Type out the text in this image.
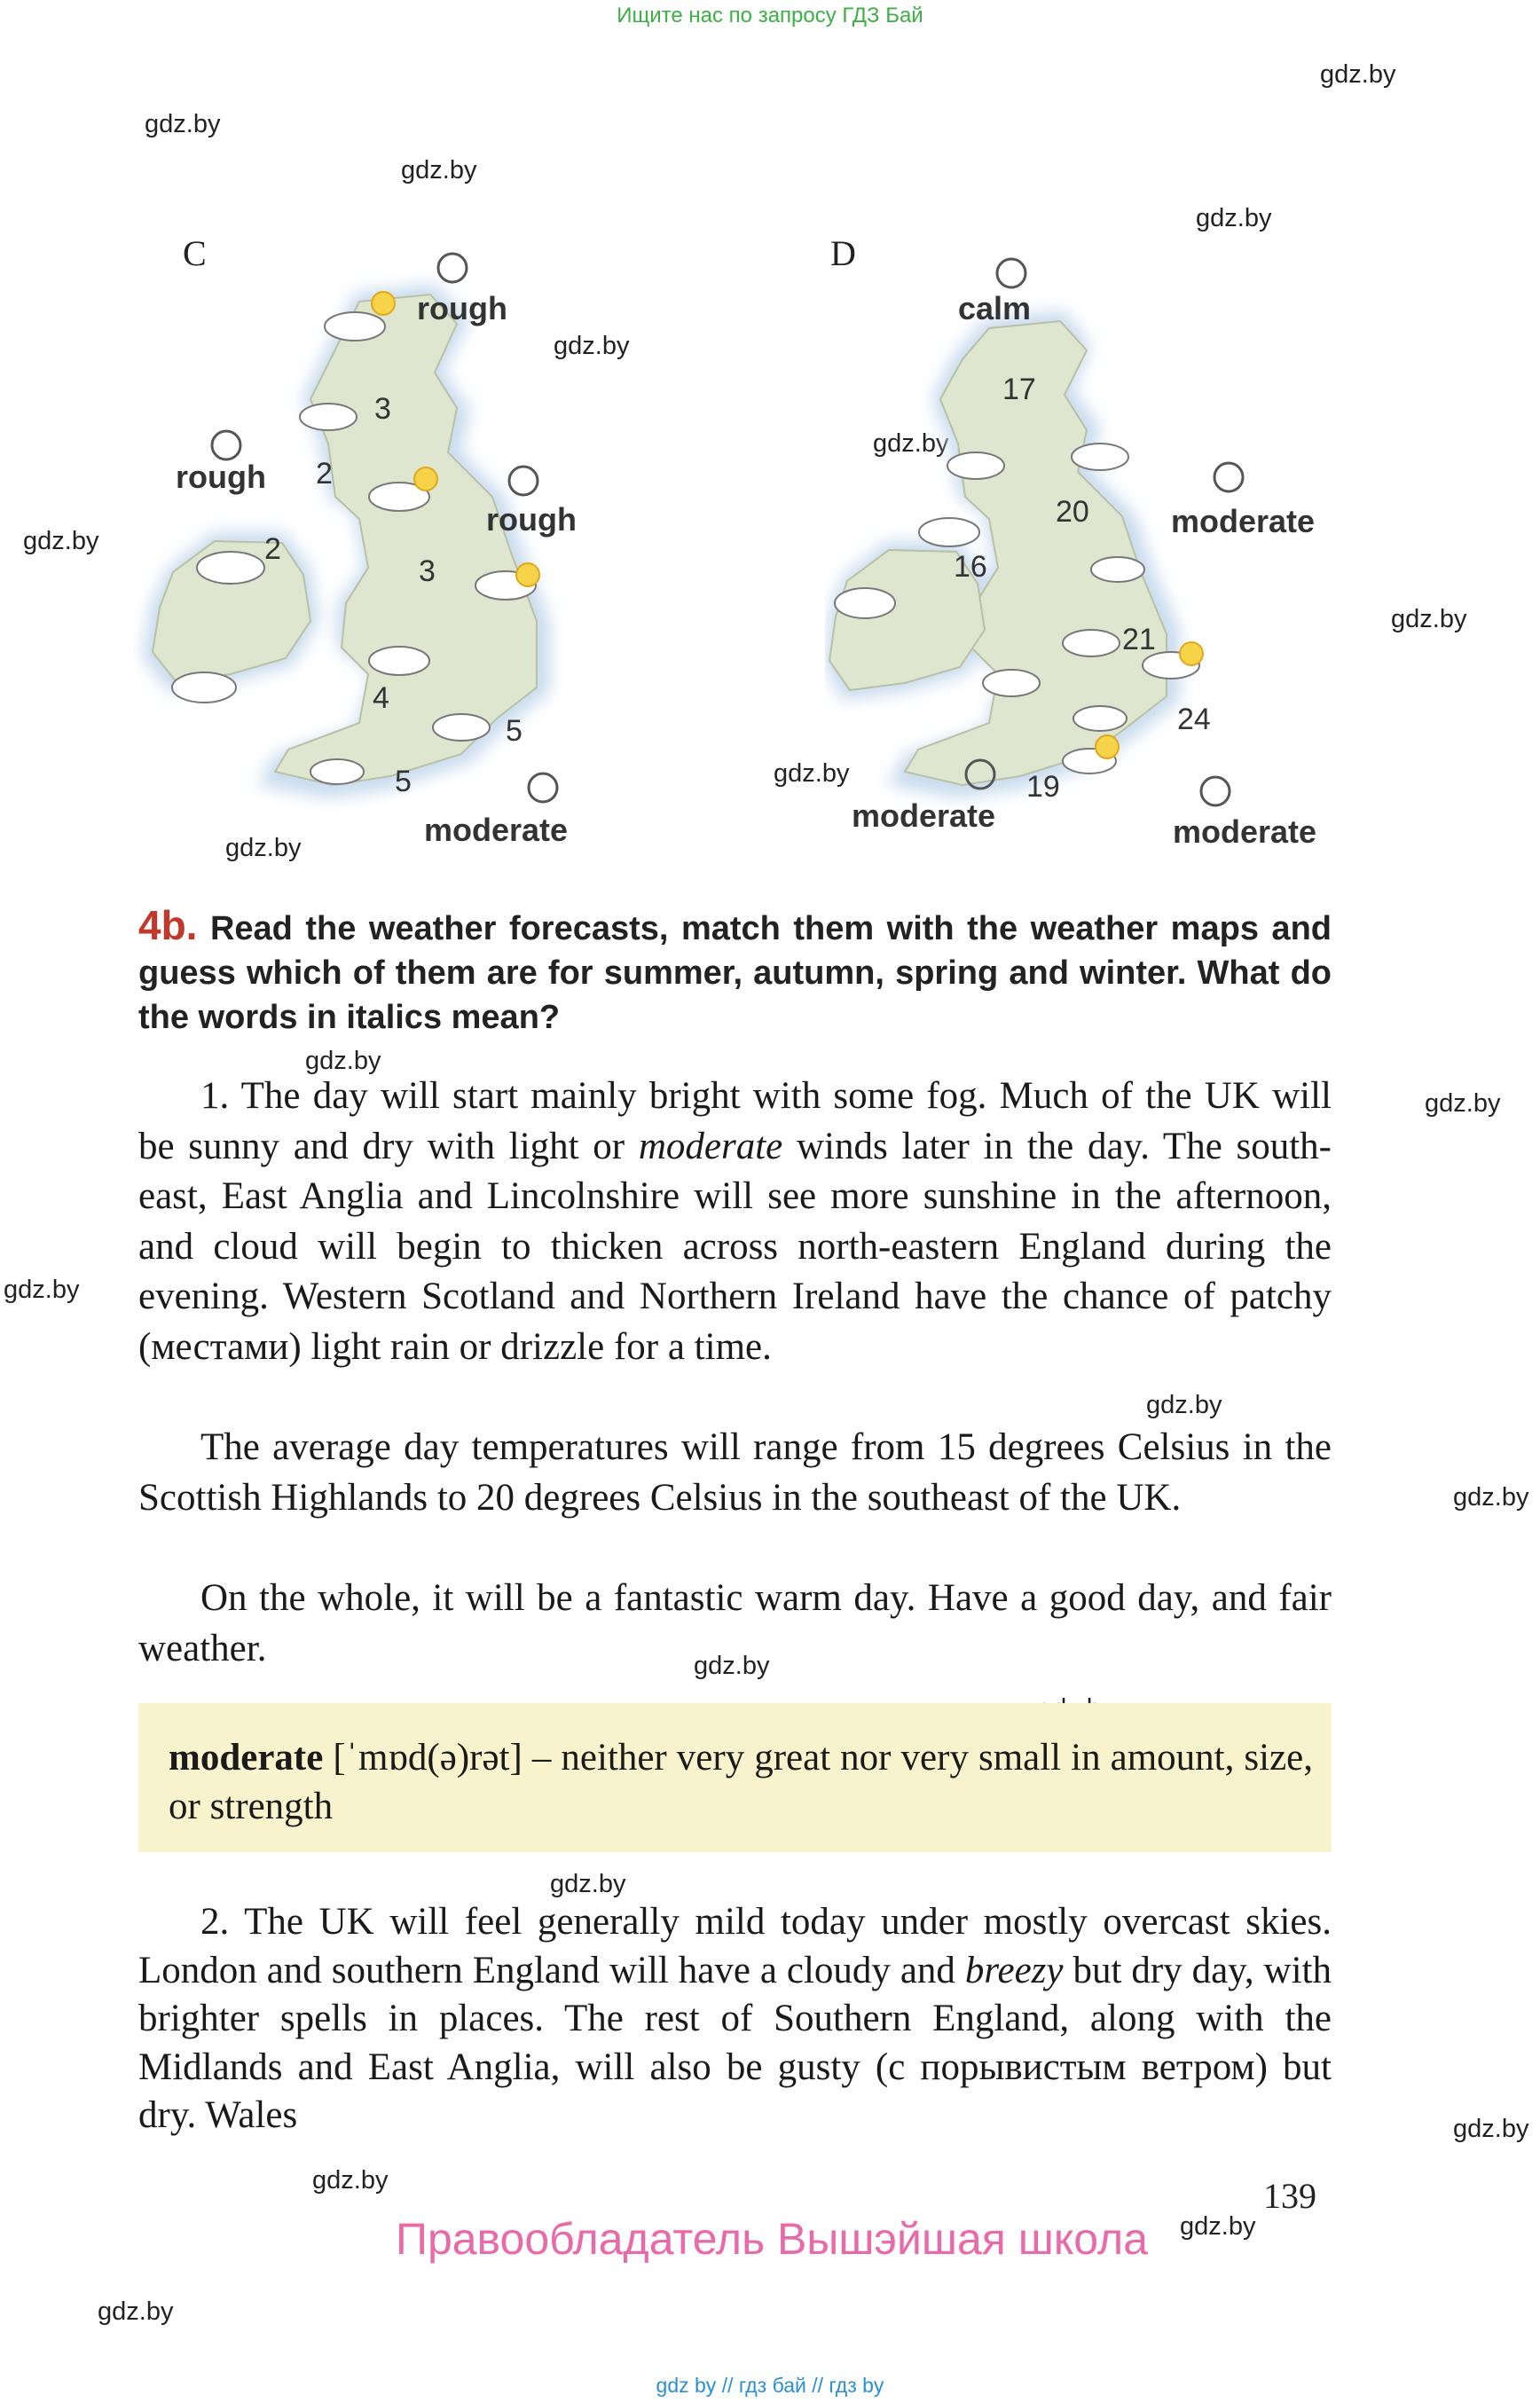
Ищите нас по запросу ГДЗ Бай
gdz.by
gdz.by
gdz.by
gdz.by
gdz.by
gdz.by
gdz.by
gdz.by
gdz.by
gdz.by
gdz.by
gdz.by
gdz.by
gdz.by
gdz.by
gdz.by
gdz.by
gdz.by
gdz.by
gdz.by
gdz.by
C	D
3
2
2
3
4
5
5
rough
rough
rough
moderate
17
20
16
21
24
19
calm
moderate
moderate	moderate
4b. Read the weather forecasts, match them with the weather maps and guess which of them are for summer, autumn, spring and winter. What do the words in italics mean?
1. The day will start mainly bright with some fog. Much of the UK will be sunny and dry with light or moderate winds later in the day. The south-east, East Anglia and Lincolnshire will see more sunshine in the afternoon, and cloud will begin to thicken across north-eastern England during the evening. Western Scotland and Northern Ireland have the chance of patchy (местами) light rain or drizzle for a time.
The average day temperatures will range from 15 degrees Celsius in the Scottish Highlands to 20 degrees Celsius in the southeast of the UK.
On the whole, it will be a fantastic warm day. Have a good day, and fair weather.
moderate [ˈmɒd(ə)rət] – neither very great nor very small in amount, size, or strength
2. The UK will feel generally mild today under mostly overcast skies. London and southern England will have a cloudy and breezy but dry day, with brighter spells in places. The rest of Southern England, along with the Midlands and East Anglia, will also be gusty (с порывистым ветром) but dry. Wales
139
Правообладатель Вышэйшая школа
gdz by // гдз бай // гдз by
